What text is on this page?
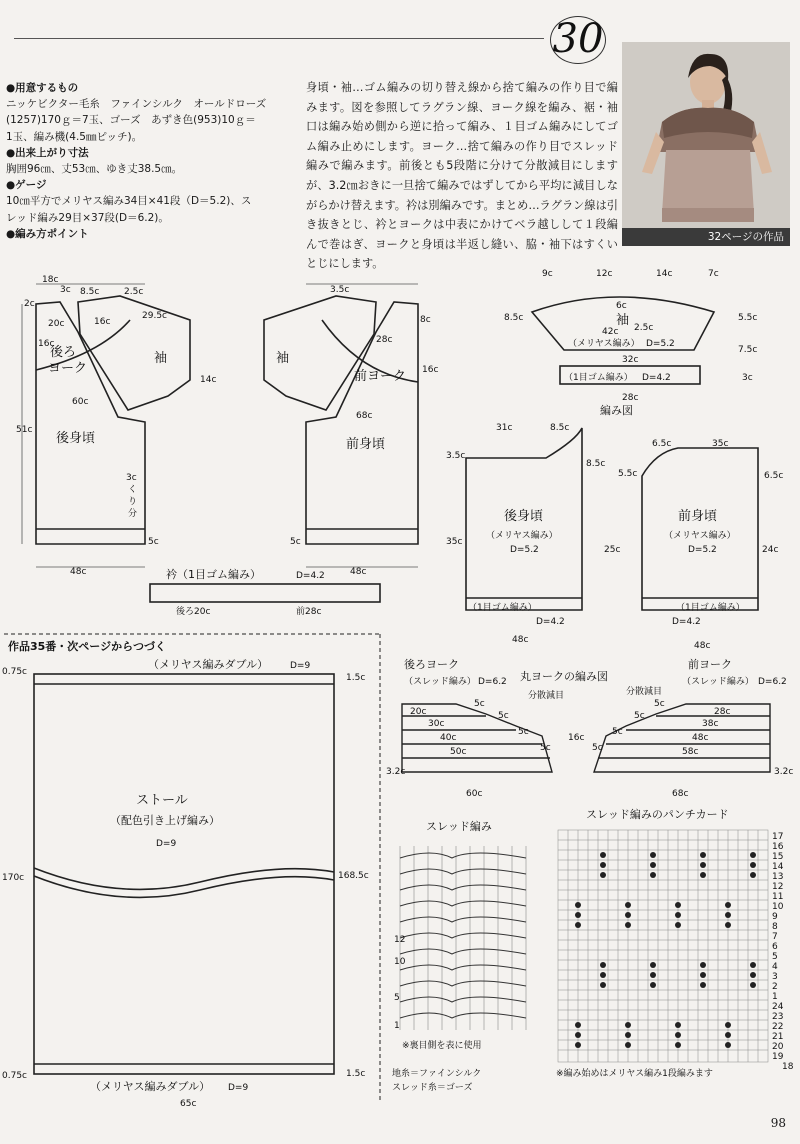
30

●用意するもの

ニッケビクター毛糸　ファインシルク　オールドローズ

(1257)170ｇ＝7玉、ゴーズ　あずき色(953)10ｇ＝

1玉、編み機(4.5㎜ピッチ)。

●出来上がり寸法

胸囲96㎝、丈53㎝、ゆき丈38.5㎝。

●ゲージ

10㎝平方でメリヤス編み34目×41段（D＝5.2)、ス

レッド編み29目×37段(D＝6.2)。

●編み方ポイント

身頃・袖…ゴム編みの切り替え線から捨て編みの作り目で編みます。図を参照してラグラン線、ヨーク線を編み、裾・袖口は編み始め側から逆に拾って編み、１目ゴム編みにしてゴム編み止めにします。ヨーク…捨て編みの作り目でスレッド編みで編みます。前後とも5段階に分けて分散減目にしますが、3.2㎝おきに一旦捨て編みではずしてから平均に減目しながらかけ替えます。衿は別編みです。まとめ…ラグラン線は引き抜きとじ、衿とヨークは中表にかけてベラ越しして１段編んで巻はぎ、ヨークと身頃は半返し縫い、脇・袖下はすくいとじにします。
32ページの作品
18c
8.5c	2.5c
3c
2c
20c	16c
29.5c
16c
60c
14c
51c
5c
48c
3.5c
8c
28c
68c
16c
48c
5c
後ろ
ヨーク
袖	袖
後身頃
前ヨーク
前身頃
3c
く
り
分
衿（1目ゴム編み）	D=4.2
後ろ20c	前28c
9c	12c	14c	7c
8.5c
6c
2.5c
5.5c
42c
7.5c
32c
3c
28c
袖
（メリヤス編み） D=5.2
（1目ゴム編み） D=4.2
編み図
31c	8.5c
3.5c
8.5c
5.5c
35c
25c
48c
6.5c	35c
6.5c
24c
48c
後身頃
（メリヤス編み）
D=5.2
（1目ゴム編み）
D=4.2
前身頃
（メリヤス編み）
D=5.2
（1目ゴム編み）
D=4.2
作品35番・次ページからつづく
（メリヤス編みダブル） D=9
0.75c
1.5c
ストール
（配色引き上げ編み）
D=9
170c	168.5c
0.75c	1.5c
（メリヤス編みダブル） D=9
65c
後ろヨーク
（スレッド編み） D=6.2 丸ヨークの編み図
分散減目
前ヨーク
（スレッド編み） D=6.2
分散減目
20c
30c
40c
50c
5c
5c
5c
5c
28c
38c
48c
58c
5c
5c
5c
5c
16c
3.2c	3.2c
60c	68c
スレッド編み
12
10
5
1
※裏目側を表に使用
地糸＝ファインシルク
スレッド糸＝ゴーズ
スレッド編みのパンチカード
17
16
15
14
13
12
11
10
9
8
7
6
5
4
3
2
1
24
23
22
21
20
19
18
※編み始めはメリヤス編み1段編みます
98
